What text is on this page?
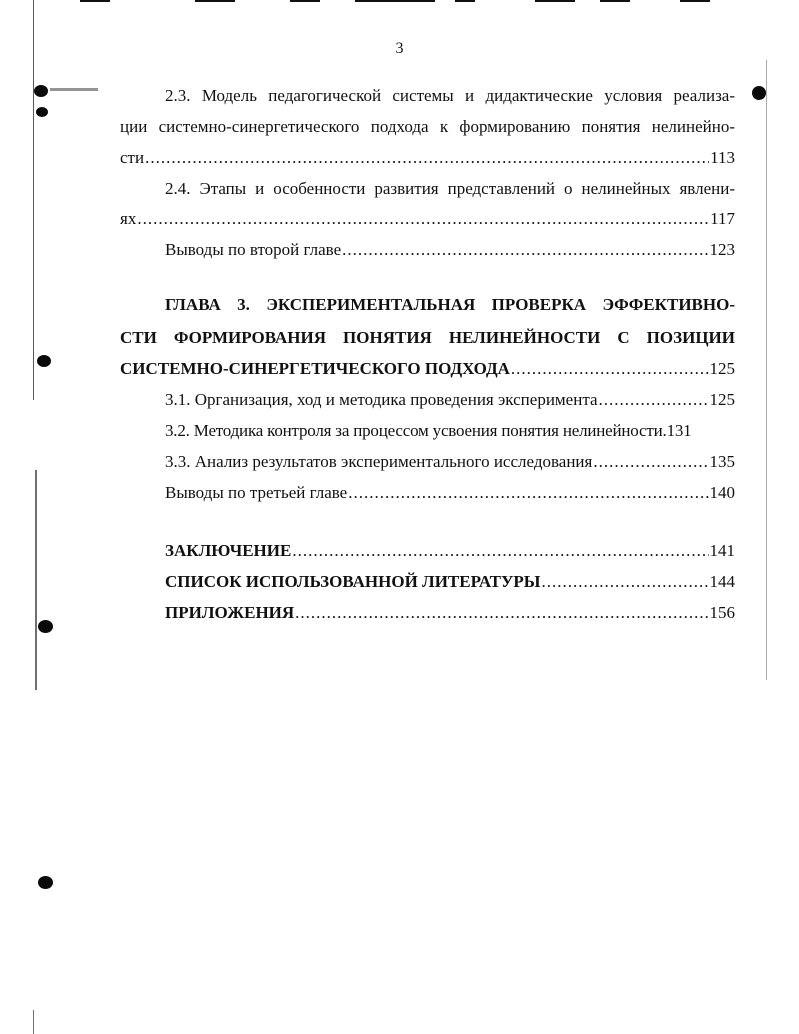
3
2.3. Модель педагогической системы и дидактические условия реализа-
ции системно-синергетического подхода к формированию понятия нелинейно-
сти .....	113
2.4. Этапы и особенности развития представлений о нелинейных явлени-
ях .....	117
Выводы по второй главе .....	123
ГЛАВА 3. ЭКСПЕРИМЕНТАЛЬНАЯ ПРОВЕРКА ЭФФЕКТИВНО-
СТИ ФОРМИРОВАНИЯ ПОНЯТИЯ НЕЛИНЕЙНОСТИ С ПОЗИЦИИ
СИСТЕМНО-СИНЕРГЕТИЧЕСКОГО ПОДХОДА .....	125
3.1. Организация, ход и методика проведения эксперимента .....	125
3.2. Методика контроля за процессом усвоения понятия нелинейности. 131
3.3. Анализ результатов экспериментального исследования .....	135
Выводы по третьей главе .....	140
ЗАКЛЮЧЕНИЕ .....	141
СПИСОК ИСПОЛЬЗОВАННОЙ ЛИТЕРАТУРЫ .....	144
ПРИЛОЖЕНИЯ .....	156
